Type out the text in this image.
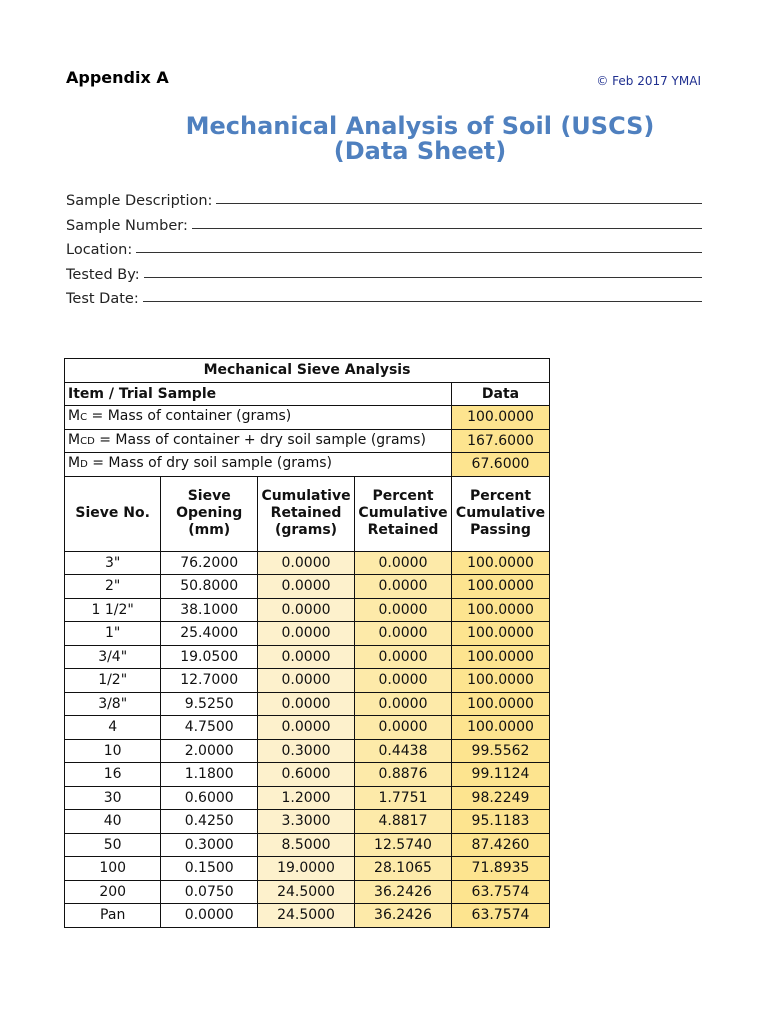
Appendix A	© Feb 2017 YMAI
Mechanical Analysis of Soil (USCS)
(Data Sheet)
Sample Description:
Sample Number:
Location:
Tested By:
Test Date:
Mechanical Sieve Analysis				
Item / Trial Sample				Data
MC = Mass of container (grams)				100.0000
MCD = Mass of container + dry soil sample (grams)				167.6000
MD = Mass of dry soil sample (grams)				67.6000
Sieve No.	Sieve Opening (mm)	Cumulative Retained (grams)	Percent Cumulative Retained	Percent Cumulative Passing
3"	76.2000	0.0000	0.0000	100.0000
2"	50.8000	0.0000	0.0000	100.0000
1 1/2"	38.1000	0.0000	0.0000	100.0000
1"	25.4000	0.0000	0.0000	100.0000
3/4"	19.0500	0.0000	0.0000	100.0000
1/2"	12.7000	0.0000	0.0000	100.0000
3/8"	9.5250	0.0000	0.0000	100.0000
4	4.7500	0.0000	0.0000	100.0000
10	2.0000	0.3000	0.4438	99.5562
16	1.1800	0.6000	0.8876	99.1124
30	0.6000	1.2000	1.7751	98.2249
40	0.4250	3.3000	4.8817	95.1183
50	0.3000	8.5000	12.5740	87.4260
100	0.1500	19.0000	28.1065	71.8935
200	0.0750	24.5000	36.2426	63.7574
Pan	0.0000	24.5000	36.2426	63.7574
